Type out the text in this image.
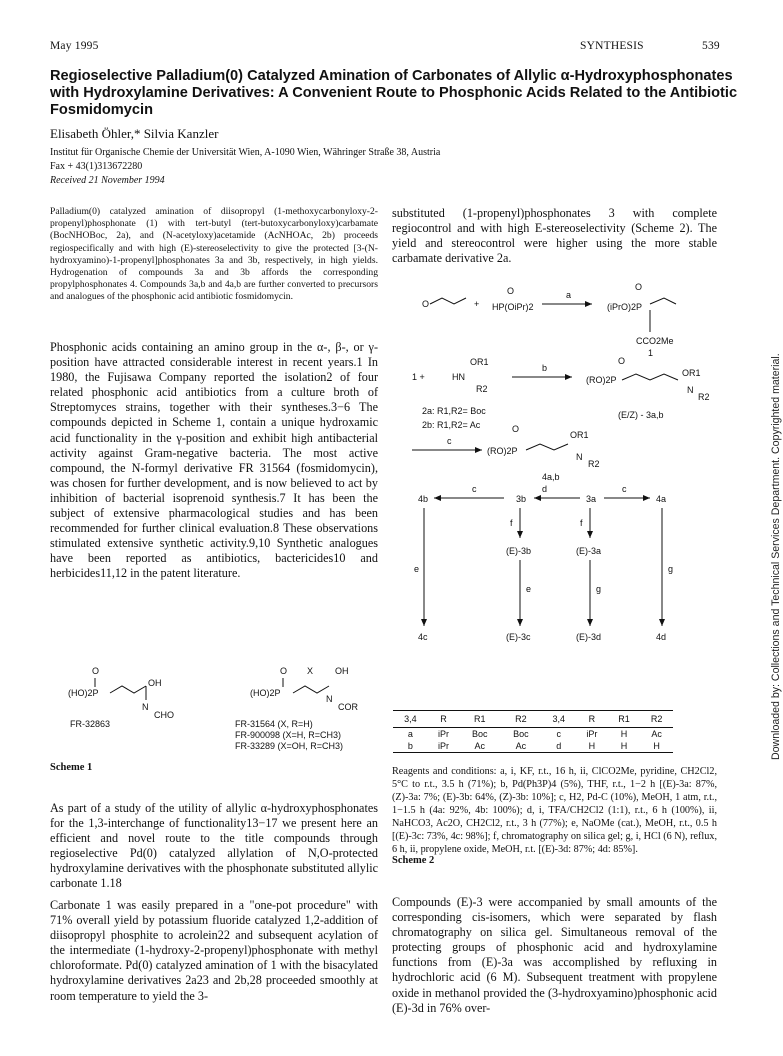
May 1995	SYNTHESIS	539
Regioselective Palladium(0) Catalyzed Amination of Carbonates of Allylic α-Hydroxyphosphonates with Hydroxylamine Derivatives: A Convenient Route to Phosphonic Acids Related to the Antibiotic Fosmidomycin
Elisabeth Öhler,* Silvia Kanzler
Institut für Organische Chemie der Universität Wien, A-1090 Wien, Währinger Straße 38, Austria
Fax + 43(1)313672280
Received 21 November 1994
Palladium(0) catalyzed amination of diisopropyl (1-methoxycarbonyloxy-2-propenyl)phosphonate (1) with tert-butyl (tert-butoxycarbonyloxy)carbamate (BocNHOBoc, 2a), and (N-acetyloxy)acetamide (AcNHOAc, 2b) proceeds regiospecifically and with high (E)-stereoselectivity to give the protected [3-(N-hydroxyamino)-1-propenyl]phosphonates 3a and 3b, respectively, in high yields. Hydrogenation of compounds 3a and 3b affords the corresponding propylphosphonates 4. Compounds 3a,b and 4a,b are further converted to precursors and analogues of the phosphonic acid antibiotic fosmidomycin.
Phosphonic acids containing an amino group in the α-, β-, or γ-position have attracted considerable interest in recent years.1 In 1980, the Fujisawa Company reported the isolation2 of four related phosphonic acid antibiotics from a culture broth of Streptomyces strains, together with their syntheses.3−6 The compounds depicted in Scheme 1, contain a unique hydroxamic acid functionality in the γ-position and exhibit high antibacterial activity against Gram-negative bacteria. The most active compound, the N-formyl derivative FR 31564 (fosmidomycin), was chosen for further development, and is now believed to act by inhibition of bacterial isoprenoid synthesis.7 It has been the subject of extensive pharmacological studies and has been recommended for further clinical evaluation.8 These observations stimulated extensive synthetic activity.9,10 Synthetic analogues have been reported as antibiotics, bactericides10 and herbicides11,12 in the patent literature.
(HO)2P
O
OH
N
CHO
(HO)2P
O X OH
N
COR
FR-32863	FR-31564 (X, R=H)
FR-900098 (X=H, R=CH3)
FR-33289 (X=OH, R=CH3)
Scheme 1
As part of a study of the utility of allylic α-hydroxyphosphonates for the 1,3-interchange of functionality13−17 we present here an efficient and novel route to the title compounds through regioselective Pd(0) catalyzed allylation of N,O-protected hydroxylamine derivatives with the phosphonate substituted allylic carbonate 1.18
Carbonate 1 was easily prepared in a "one-pot procedure" with 71% overall yield by potassium fluoride catalyzed 1,2-addition of diisopropyl phosphite to acrolein22 and subsequent acylation of the intermediate (1-hydroxy-2-propenyl)phosphonate with methyl chloroformate. Pd(0) catalyzed amination of 1 with the bisacylated hydroxylamine derivatives 2a23 and 2b,28 proceeded smoothly at room temperature to yield the 3-
substituted (1-propenyl)phosphonates 3 with complete regiocontrol and with high E-stereoselectivity (Scheme 2). The yield and stereocontrol were higher using the more stable carbamate derivative 2a.
O	+
O
HP(OiPr)2
a
O
(iPrO)2P
CCO2Me
1
1 +	HN
OR1
R2
b
O
(RO)2P
OR1
N
R2
2a: R1,R2= Boc
2b: R1,R2= Ac
(E/Z) - 3a,b
c
O
(RO)2P
OR1
N
R2
4a,b
4b
c
3b
d
3a
c
4a
e
4c
f
(E)-3b
e
(E)-3c
f
(E)-3a
g
(E)-3d
g
4d
3,4	R	R1	R2	3,4	R	R1	R2
a	iPr	Boc	Boc	c	iPr	H	Ac
b	iPr	Ac	Ac	d	H	H	H
Reagents and conditions: a, i, KF, r.t., 16 h, ii, ClCO2Me, pyridine, CH2Cl2, 5°C to r.t., 3.5 h (71%); b, Pd(Ph3P)4 (5%), THF, r.t., 1−2 h [(E)-3a: 87%, (Z)-3a: 7%; (E)-3b: 64%, (Z)-3b: 10%]; c, H2, Pd-C (10%), MeOH, 1 atm, r.t., 1−1.5 h (4a: 92%, 4b: 100%); d, i, TFA/CH2Cl2 (1:1), r.t., 6 h (100%), ii, NaHCO3, Ac2O, CH2Cl2, r.t., 3 h (77%); e, NaOMe (cat.), MeOH, r.t., 0.5 h [(E)-3c: 73%, 4c: 98%]; f, chromatography on silica gel; g, i, HCl (6 N), reflux, 6 h, ii, propylene oxide, MeOH, r.t. [(E)-3d: 87%; 4d: 85%].
Scheme 2
Compounds (E)-3 were accompanied by small amounts of the corresponding cis-isomers, which were separated by flash chromatography on silica gel. Simultaneous removal of the protecting groups of phosphonic acid and hydroxylamine functions from (E)-3a was accomplished by refluxing in hydrochloric acid (6 M). Subsequent treatment with propylene oxide in methanol provided the (3-hydroxyamino)phosphonic acid (E)-3d in 76% over-
Downloaded by: Collections and Technical Services Department. Copyrighted material.
